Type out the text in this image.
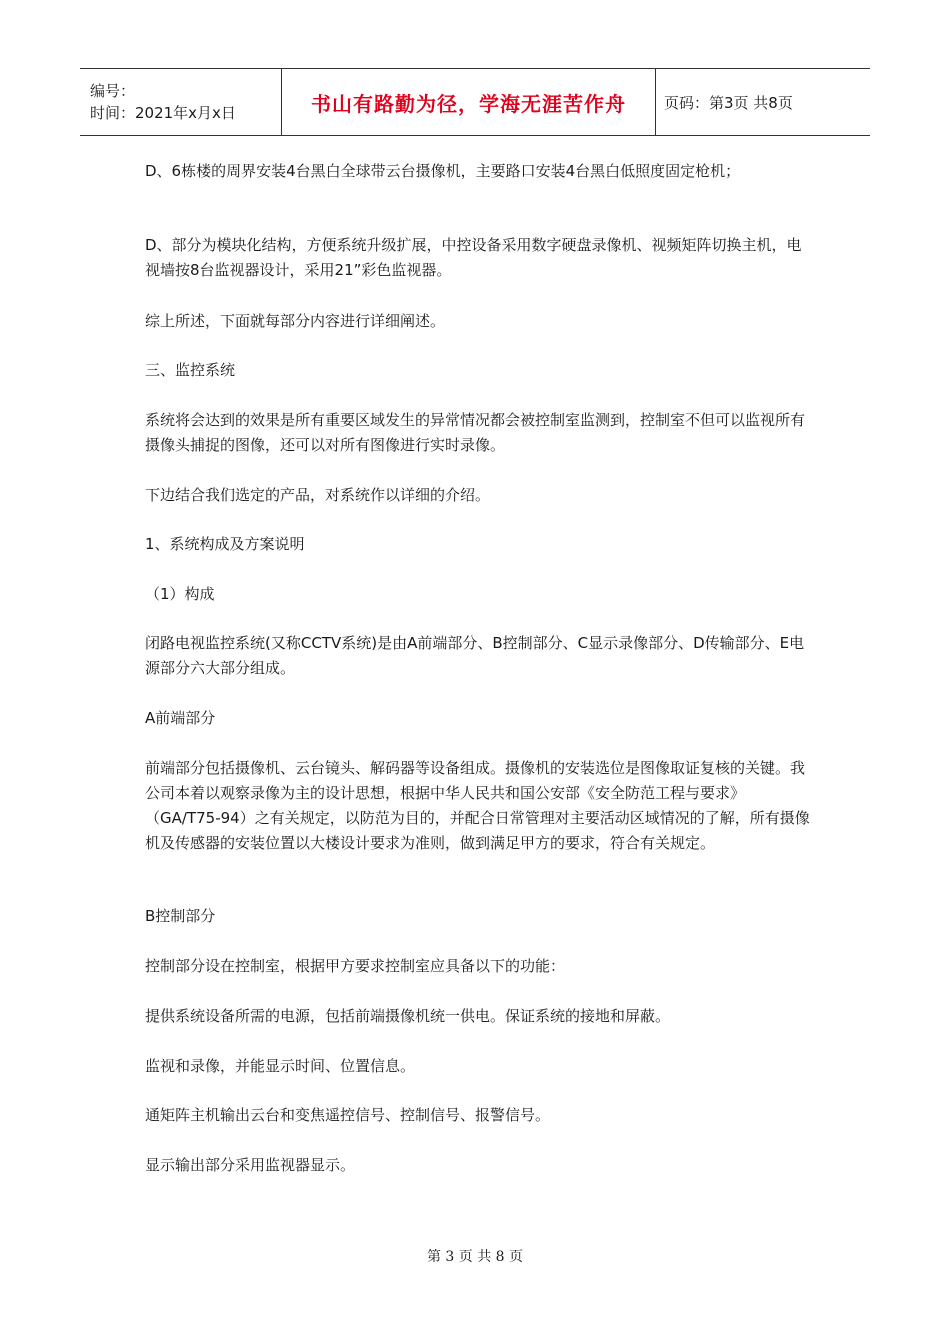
编号：
时间：2021年x月x日	书山有路勤为径，学海无涯苦作舟	页码：第3页 共8页

D、6栋楼的周界安装4台黑白全球带云台摄像机，主要路口安装4台黑白低照度固定枪机；

D、部分为模块化结构，方便系统升级扩展，中控设备采用数字硬盘录像机、视频矩阵切换主机，电视墙按8台监视器设计，采用21”彩色监视器。

综上所述，下面就每部分内容进行详细阐述。

三、监控系统

系统将会达到的效果是所有重要区域发生的异常情况都会被控制室监测到，控制室不但可以监视所有摄像头捕捉的图像，还可以对所有图像进行实时录像。

下边结合我们选定的产品，对系统作以详细的介绍。

1、系统构成及方案说明

（1）构成

闭路电视监控系统(又称CCTV系统)是由A前端部分、B控制部分、C显示录像部分、D传输部分、E电源部分六大部分组成。

A前端部分

前端部分包括摄像机、云台镜头、解码器等设备组成。摄像机的安装选位是图像取证复核的关键。我公司本着以观察录像为主的设计思想，根据中华人民共和国公安部《安全防范工程与要求》（GA/T75-94）之有关规定，以防范为目的，并配合日常管理对主要活动区域情况的了解，所有摄像机及传感器的安装位置以大楼设计要求为准则，做到满足甲方的要求，符合有关规定。

B控制部分

控制部分设在控制室，根据甲方要求控制室应具备以下的功能：

提供系统设备所需的电源，包括前端摄像机统一供电。保证系统的接地和屏蔽。

监视和录像，并能显示时间、位置信息。

通矩阵主机输出云台和变焦遥控信号、控制信号、报警信号。

显示输出部分采用监视器显示。

第 3 页 共 8 页
